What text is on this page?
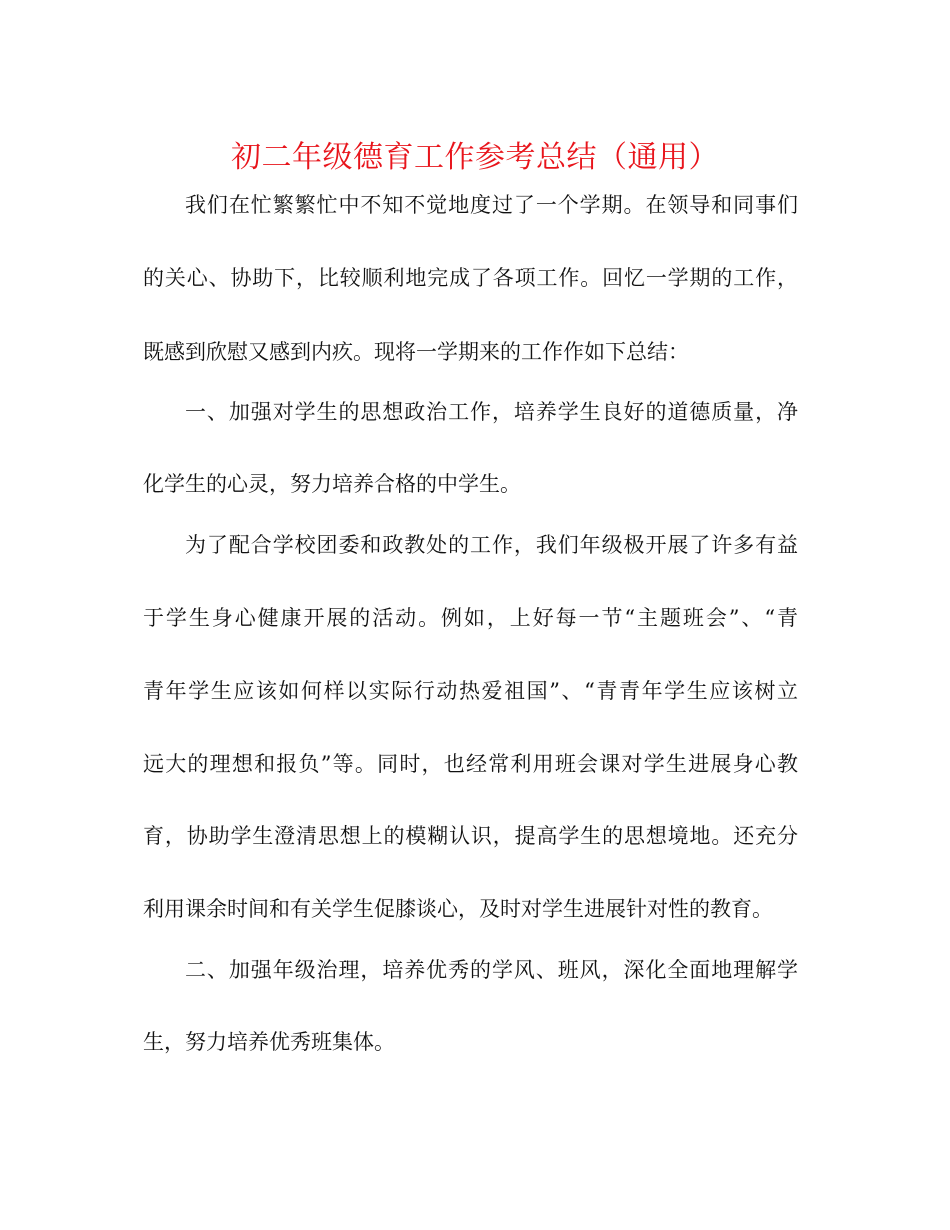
初二年级德育工作参考总结（通用）
我们在忙繁繁忙中不知不觉地度过了一个学期。在领导和同事们
的关心、协助下，比较顺利地完成了各项工作。回忆一学期的工作，
既感到欣慰又感到内疚。现将一学期来的工作作如下总结：
一、加强对学生的思想政治工作，培养学生良好的道德质量，净
化学生的心灵，努力培养合格的中学生。
为了配合学校团委和政教处的工作，我们年级极开展了许多有益
于学生身心健康开展的活动。例如，上好每一节“主题班会”、“青
青年学生应该如何样以实际行动热爱祖国”、“青青年学生应该树立
远大的理想和报负”等。同时，也经常利用班会课对学生进展身心教
育，协助学生澄清思想上的模糊认识，提高学生的思想境地。还充分
利用课余时间和有关学生促膝谈心，及时对学生进展针对性的教育。
二、加强年级治理，培养优秀的学风、班风，深化全面地理解学
生，努力培养优秀班集体。
